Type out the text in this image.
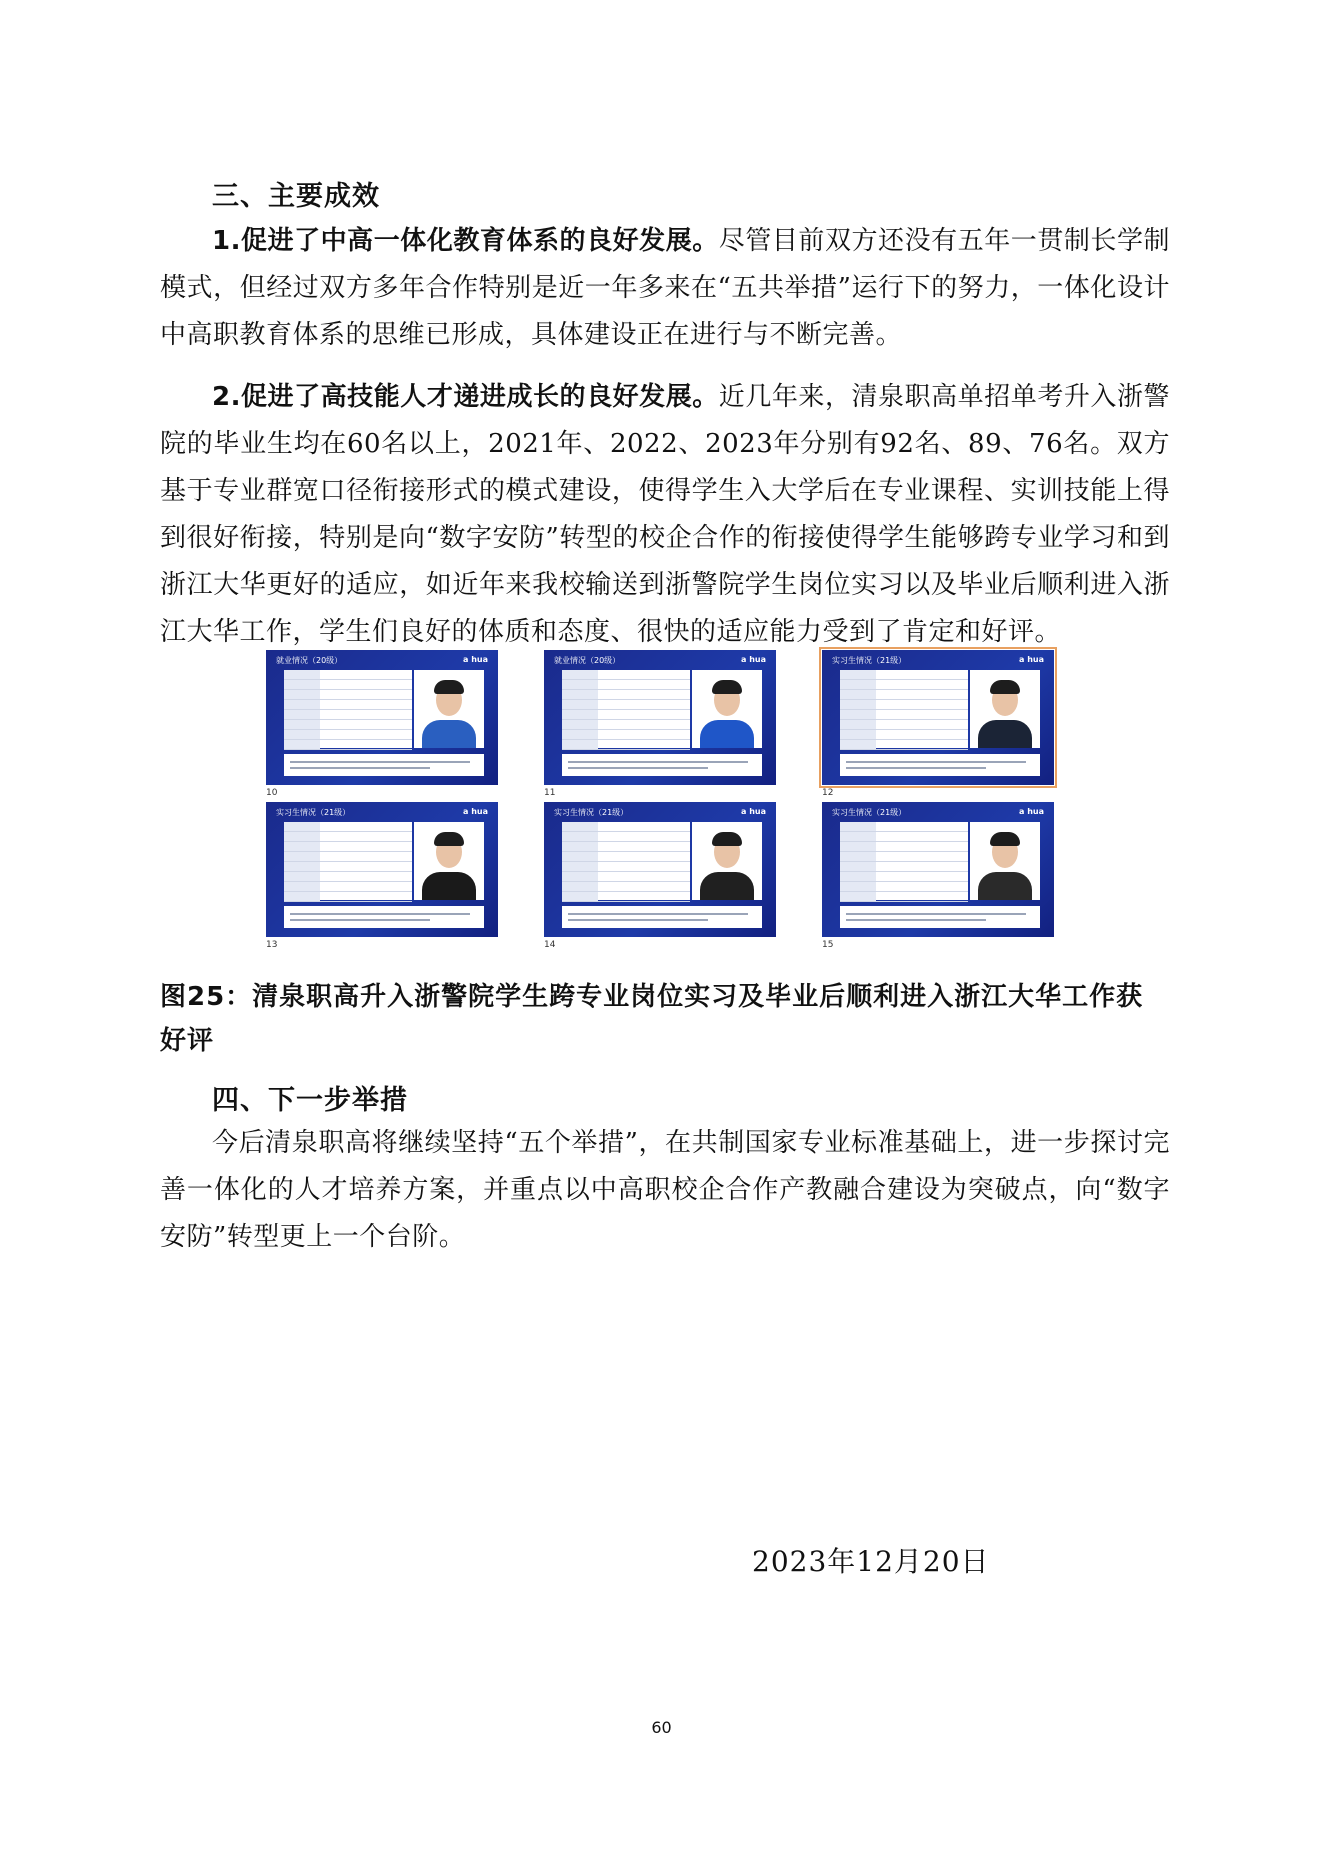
三、主要成效

1.促进了中高一体化教育体系的良好发展。尽管目前双方还没有五年一贯制长学制模式，但经过双方多年合作特别是近一年多来在“五共举措”运行下的努力，一体化设计中高职教育体系的思维已形成，具体建设正在进行与不断完善。

2.促进了高技能人才递进成长的良好发展。近几年来，清泉职高单招单考升入浙警院的毕业生均在60名以上，2021年、2022、2023年分别有92名、89、76名。双方基于专业群宽口径衔接形式的模式建设，使得学生入大学后在专业课程、实训技能上得到很好衔接，特别是向“数字安防”转型的校企合作的衔接使得学生能够跨专业学习和到浙江大华更好的适应，如近年来我校输送到浙警院学生岗位实习以及毕业后顺利进入浙江大华工作，学生们良好的体质和态度、很快的适应能力受到了肯定和好评。

就业情况（20级）	a hua
10
就业情况（20级）	a hua
11
实习生情况（21级）	a hua
12
实习生情况（21级）	a hua
13
实习生情况（21级）	a hua
14
实习生情况（21级）	a hua
15

图25：清泉职高升入浙警院学生跨专业岗位实习及毕业后顺利进入浙江大华工作获好评

四、下一步举措

今后清泉职高将继续坚持“五个举措”，在共制国家专业标准基础上，进一步探讨完善一体化的人才培养方案，并重点以中高职校企合作产教融合建设为突破点，向“数字安防”转型更上一个台阶。

2023年12月20日
60
